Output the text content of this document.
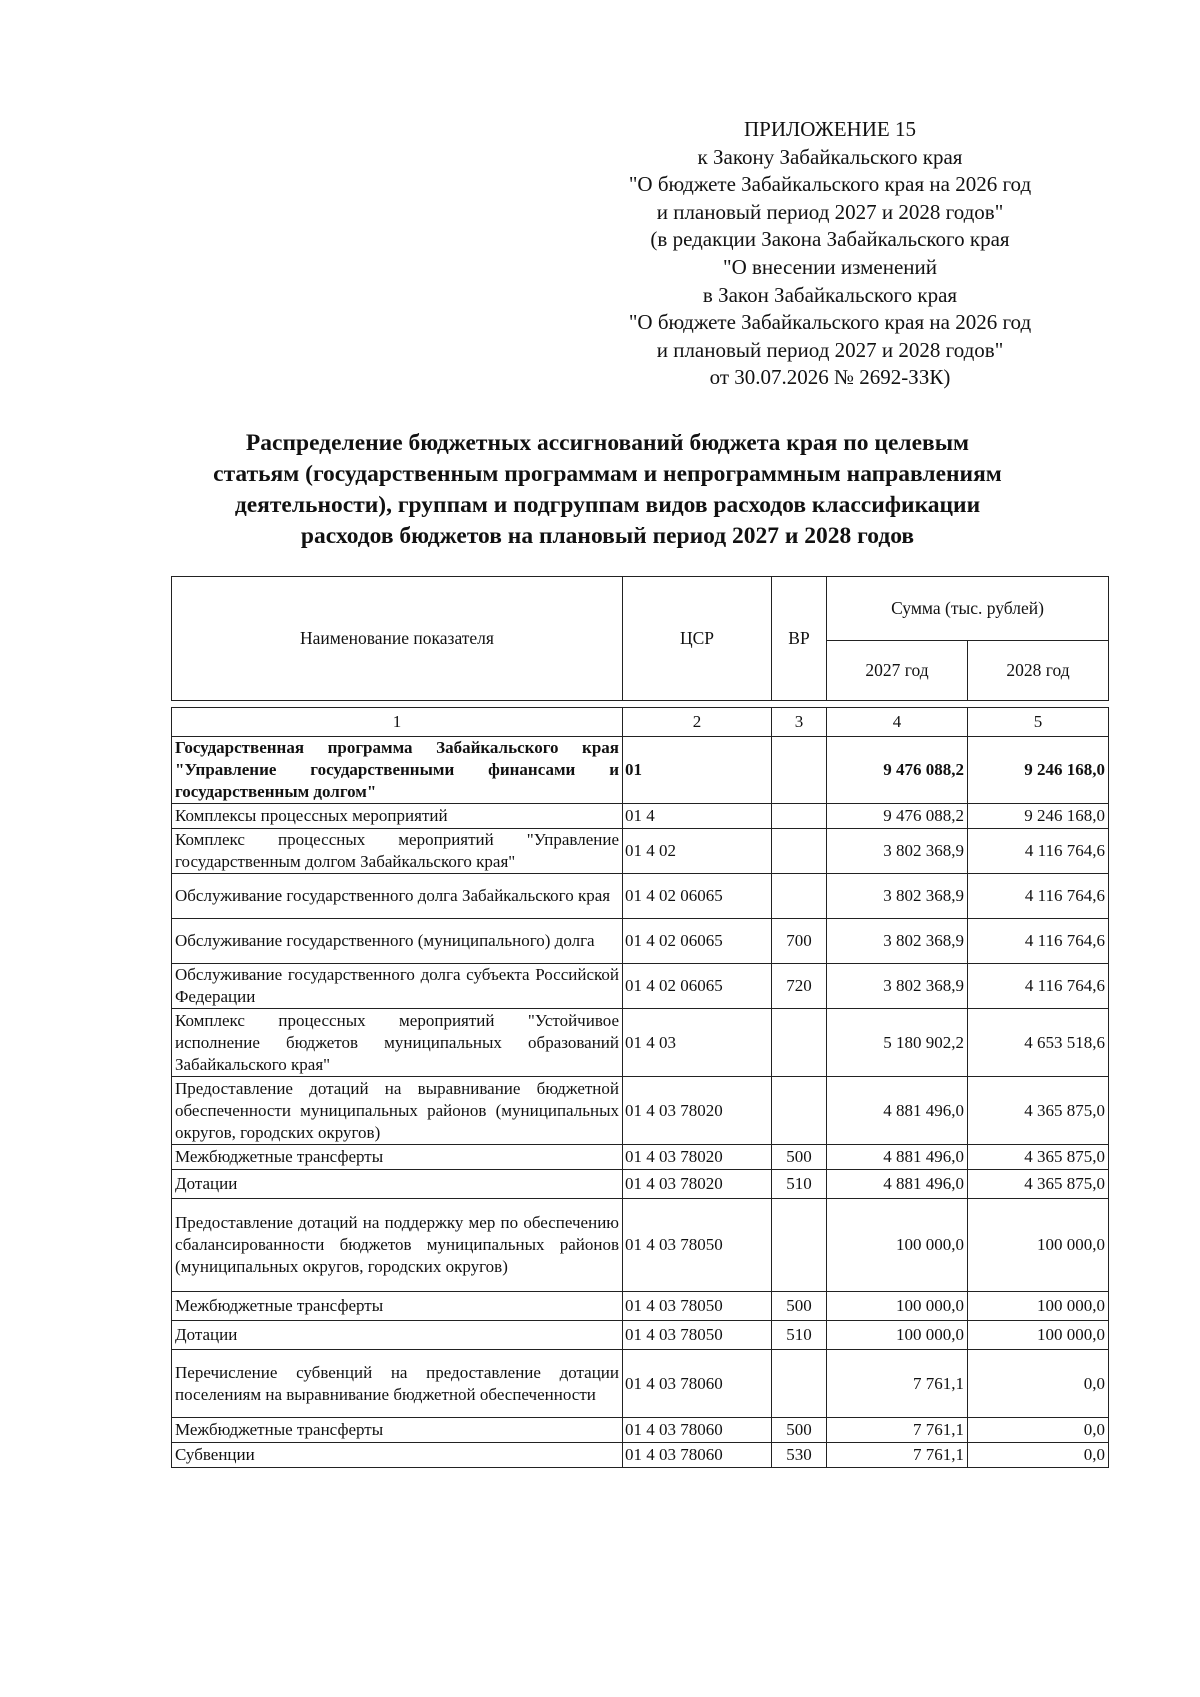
ПРИЛОЖЕНИЕ 15
к Закону Забайкальского края
"О бюджете Забайкальского края на 2026 год
и плановый период 2027 и 2028 годов"
(в редакции Закона Забайкальского края
"О внесении изменений
в Закон Забайкальского края
"О бюджете Забайкальского края на 2026 год
и плановый период 2027 и 2028 годов"
от 30.07.2026 № 2692-ЗЗК)
Распределение бюджетных ассигнований бюджета края по целевым
статьям (государственным программам и непрограммным направлениям
деятельности), группам и подгруппам видов расходов классификации
расходов бюджетов на плановый период 2027 и 2028 годов
Наименование показателя	ЦСР	ВР	Сумма (тыс. рублей)	
			2027 год	2028 год
1	2	3	4	5
Государственная программа Забайкальского края "Управление государственными финансами и государственным долгом"	01		9 476 088,2	9 246 168,0
Комплексы процессных мероприятий	01 4		9 476 088,2	9 246 168,0
Комплекс процессных мероприятий "Управление государственным долгом Забайкальского края"	01 4 02		3 802 368,9	4 116 764,6
Обслуживание государственного долга Забайкальского края	01 4 02 06065		3 802 368,9	4 116 764,6
Обслуживание государственного (муниципального) долга	01 4 02 06065	700	3 802 368,9	4 116 764,6
Обслуживание государственного долга субъекта Российской Федерации	01 4 02 06065	720	3 802 368,9	4 116 764,6
Комплекс процессных мероприятий "Устойчивое исполнение бюджетов муниципальных образований Забайкальского края"	01 4 03		5 180 902,2	4 653 518,6
Предоставление дотаций на выравнивание бюджетной обеспеченности муниципальных районов (муниципальных округов, городских округов)	01 4 03 78020		4 881 496,0	4 365 875,0
Межбюджетные трансферты	01 4 03 78020	500	4 881 496,0	4 365 875,0
Дотации	01 4 03 78020	510	4 881 496,0	4 365 875,0
Предоставление дотаций на поддержку мер по обеспечению сбалансированности бюджетов муниципальных районов (муниципальных округов, городских округов)	01 4 03 78050		100 000,0	100 000,0
Межбюджетные трансферты	01 4 03 78050	500	100 000,0	100 000,0
Дотации	01 4 03 78050	510	100 000,0	100 000,0
Перечисление субвенций на предоставление дотации поселениям на выравнивание бюджетной обеспеченности	01 4 03 78060		7 761,1	0,0
Межбюджетные трансферты	01 4 03 78060	500	7 761,1	0,0
Субвенции	01 4 03 78060	530	7 761,1	0,0
